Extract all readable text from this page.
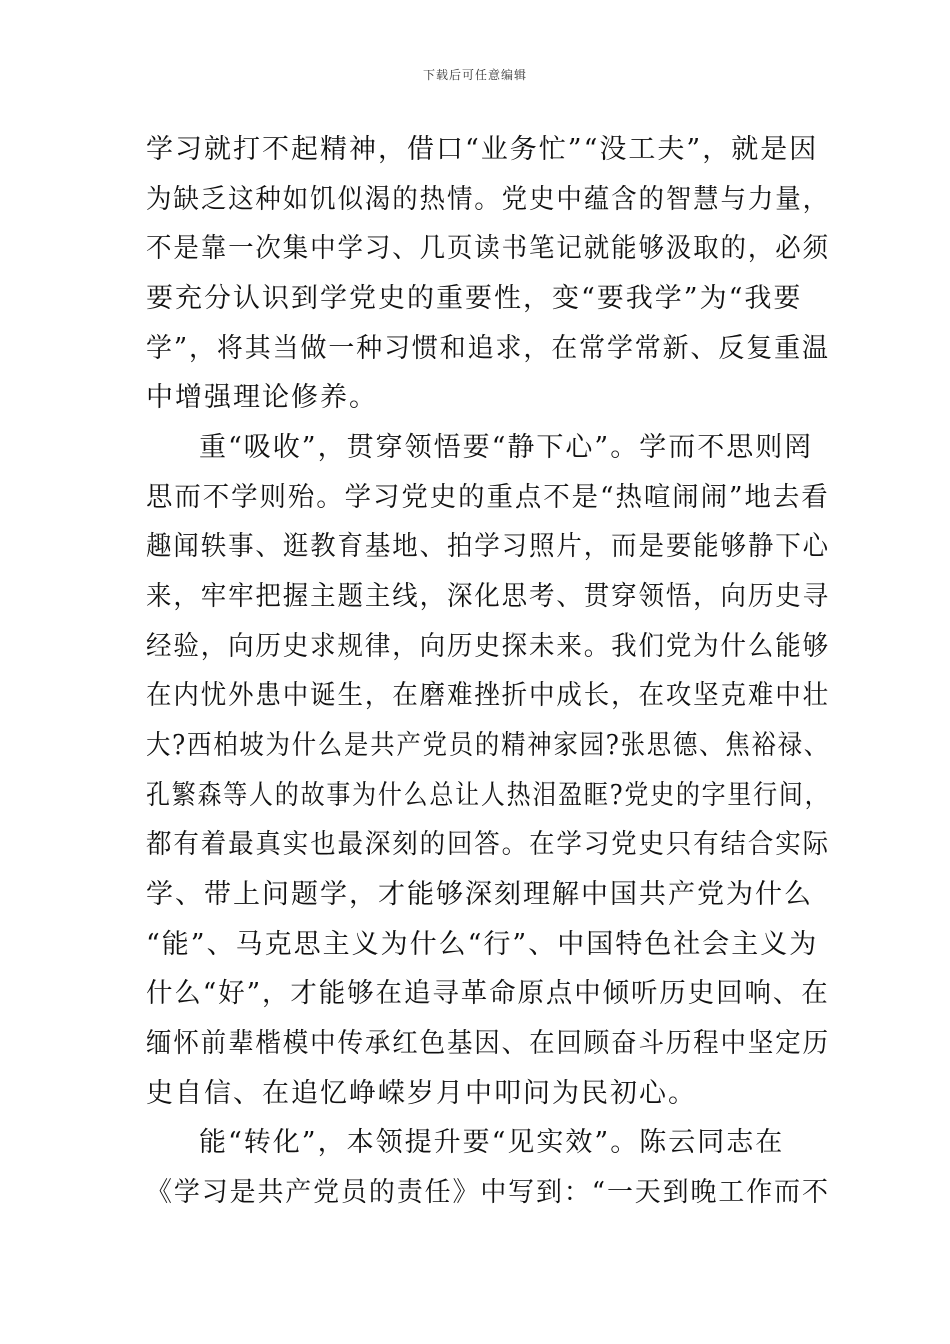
下载后可任意编辑
学习就打不起精神，借口“业务忙”“没工夫”，就是因
为缺乏这种如饥似渴的热情。党史中蕴含的智慧与力量，
不是靠一次集中学习、几页读书笔记就能够汲取的，必须
要充分认识到学党史的重要性，变“要我学”为“我要
学”，将其当做一种习惯和追求，在常学常新、反复重温
中增强理论修养。
重“吸收”，贯穿领悟要“静下心”。学而不思则罔
思而不学则殆。学习党史的重点不是“热喧闹闹”地去看
趣闻轶事、逛教育基地、拍学习照片，而是要能够静下心
来，牢牢把握主题主线，深化思考、贯穿领悟，向历史寻
经验，向历史求规律，向历史探未来。我们党为什么能够
在内忧外患中诞生，在磨难挫折中成长，在攻坚克难中壮
大?西柏坡为什么是共产党员的精神家园?张思德、焦裕禄、
孔繁森等人的故事为什么总让人热泪盈眶?党史的字里行间，
都有着最真实也最深刻的回答。在学习党史只有结合实际
学、带上问题学，才能够深刻理解中国共产党为什么
“能”、马克思主义为什么“行”、中国特色社会主义为
什么“好”，才能够在追寻革命原点中倾听历史回响、在
缅怀前辈楷模中传承红色基因、在回顾奋斗历程中坚定历
史自信、在追忆峥嵘岁月中叩问为民初心。
能“转化”，本领提升要“见实效”。陈云同志在
《学习是共产党员的责任》中写到：“一天到晚工作而不
